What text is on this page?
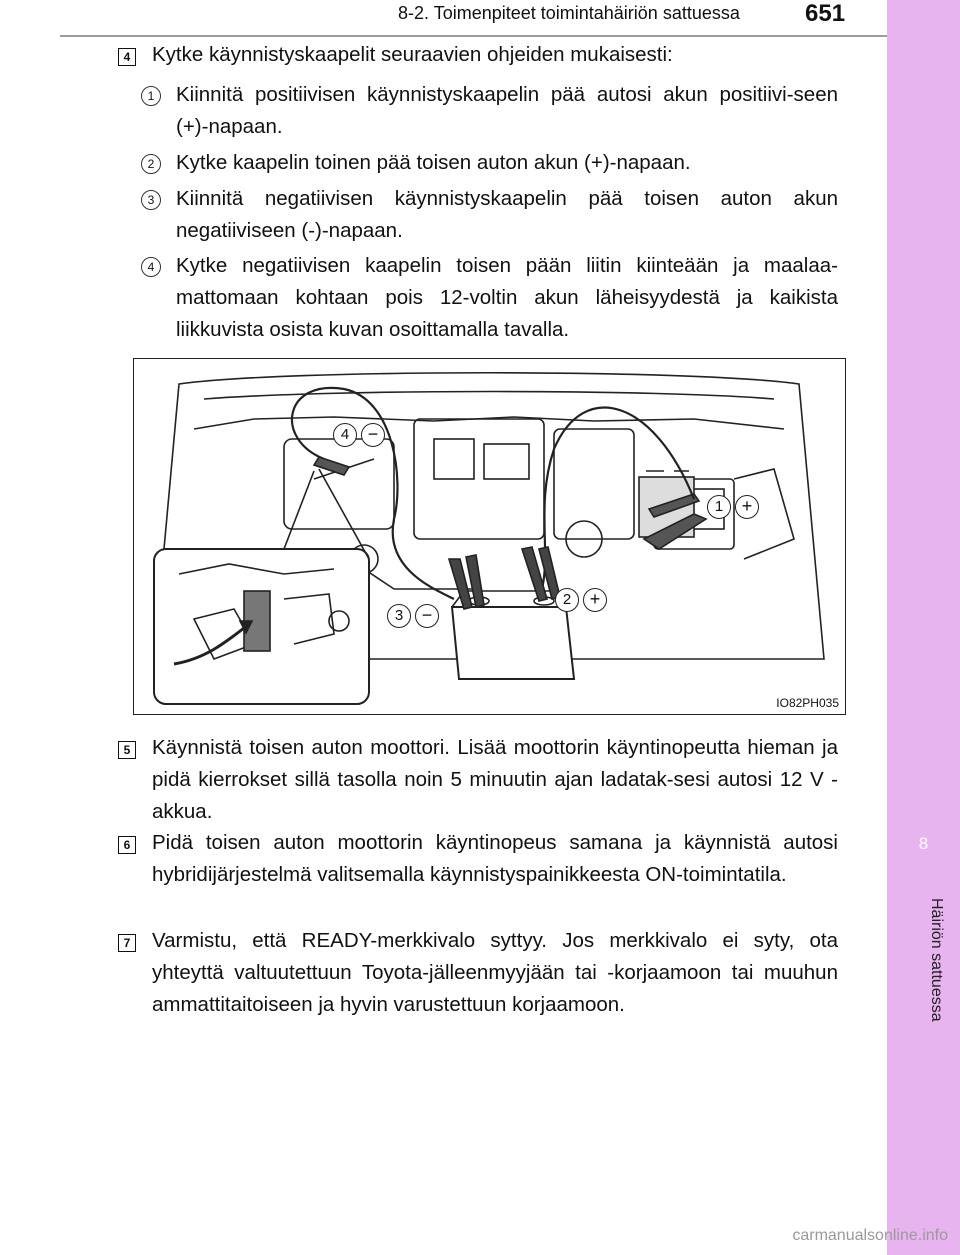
8
Häiriön sattuessa
8-2. Toimenpiteet toimintahäiriön sattuessa	651
4 Kytke käynnistyskaapelit seuraavien ohjeiden mukaisesti:
1	Kiinnitä positiivisen käynnistyskaapelin pää autosi akun positiivi-seen (+)-napaan.
2	Kytke kaapelin toinen pää toisen auton akun (+)-napaan.
3	Kiinnitä negatiivisen käynnistyskaapelin pää toisen auton akun negatiiviseen (-)-napaan.
4	Kytke negatiivisen kaapelin toisen pään liitin kiinteään ja maalaa-mattomaan kohtaan pois 12-voltin akun läheisyydestä ja kaikista liikkuvista osista kuvan osoittamalla tavalla.
4	−
1	+
2	+
3	−
IO82PH035
5 Käynnistä toisen auton moottori. Lisää moottorin käyntinopeutta hieman ja pidä kierrokset sillä tasolla noin 5 minuutin ajan ladatak-sesi autosi 12 V -akkua.
6 Pidä toisen auton moottorin käyntinopeus samana ja käynnistä autosi hybridijärjestelmä valitsemalla käynnistyspainikkeesta ON-toimintatila.
7 Varmistu, että READY-merkkivalo syttyy. Jos merkkivalo ei syty, ota yhteyttä valtuutettuun Toyota-jälleenmyyjään tai -korjaamoon tai muuhun ammattitaitoiseen ja hyvin varustettuun korjaamoon.
carmanualsonline.info
